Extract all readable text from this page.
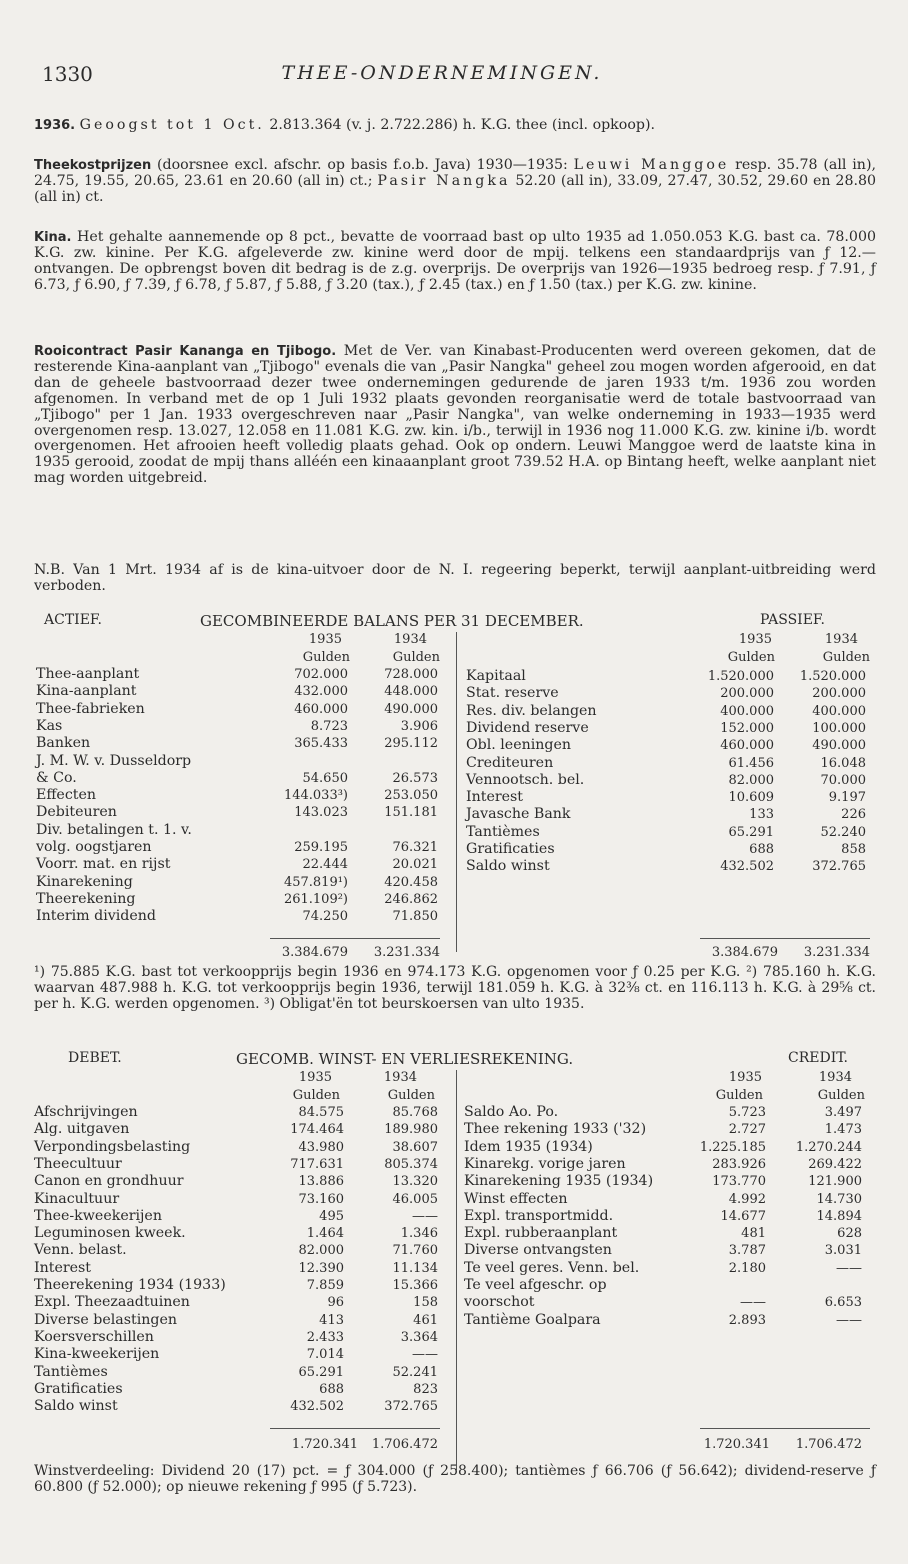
1330	THEE-ONDERNEMINGEN.
1936. Geoogst tot 1 Oct. 2.813.364 (v. j. 2.722.286) h. K.G. thee (incl. opkoop).
Theekostprijzen (doorsnee excl. afschr. op basis f.o.b. Java) 1930—1935: Leuwi Manggoe resp. 35.78 (all in), 24.75, 19.55, 20.65, 23.61 en 20.60 (all in) ct.; Pasir Nangka 52.20 (all in), 33.09, 27.47, 30.52, 29.60 en 28.80 (all in) ct.
Kina. Het gehalte aannemende op 8 pct., bevatte de voorraad bast op ulto 1935 ad 1.050.053 K.G. bast ca. 78.000 K.G. zw. kinine. Per K.G. afgeleverde zw. kinine werd door de mpij. telkens een standaardprijs van ƒ 12.— ontvangen. De opbrengst boven dit bedrag is de z.g. overprijs. De overprijs van 1926—1935 bedroeg resp. ƒ 7.91, ƒ 6.73, ƒ 6.90, ƒ 7.39, ƒ 6.78, ƒ 5.87, ƒ 5.88, ƒ 3.20 (tax.), ƒ 2.45 (tax.) en ƒ 1.50 (tax.) per K.G. zw. kinine.
Rooicontract Pasir Kananga en Tjibogo. Met de Ver. van Kinabast-Producenten werd overeen gekomen, dat de resterende Kina-aanplant van „Tjibogo" evenals die van „Pasir Nangka" geheel zou mogen worden afgerooid, en dat dan de geheele bastvoorraad dezer twee ondernemingen gedurende de jaren 1933 t/m. 1936 zou worden afgenomen. In verband met de op 1 Juli 1932 plaats gevonden reorganisatie werd de totale bastvoorraad van „Tjibogo" per 1 Jan. 1933 overgeschreven naar „Pasir Nangka", van welke onderneming in 1933—1935 werd overgenomen resp. 13.027, 12.058 en 11.081 K.G. zw. kin. i/b., terwijl in 1936 nog 11.000 K.G. zw. kinine i/b. wordt overgenomen. Het afrooien heeft volledig plaats gehad. Ook op ondern. Leuwi Manggoe werd de laatste kina in 1935 gerooid, zoodat de mpij thans alléén een kinaaanplant groot 739.52 H.A. op Bintang heeft, welke aanplant niet mag worden uitgebreid.
N.B. Van 1 Mrt. 1934 af is de kina-uitvoer door de N. I. regeering beperkt, terwijl aanplant-uitbreiding werd verboden.
ACTIEF.	GECOMBINEERDE BALANS PER 31 DECEMBER.	PASSIEF.
1935	1934
Gulden	Gulden
1935	1934
Gulden	Gulden
Thee-aanplant	702.000	728.000
Kina-aanplant	432.000	448.000
Thee-fabrieken	460.000	490.000
Kas	8.723	3.906
Banken	365.433	295.112
J. M. W. v. Dusseldorp
& Co.	54.650	26.573
Effecten	144.033³)	253.050
Debiteuren	143.023	151.181
Div. betalingen t. 1. v.
volg. oogstjaren	259.195	76.321
Voorr. mat. en rijst	22.444	20.021
Kinarekening	457.819¹)	420.458
Theerekening	261.109²)	246.862
Interim dividend	74.250	71.850
Kapitaal	1.520.000	1.520.000
Stat. reserve	200.000	200.000
Res. div. belangen	400.000	400.000
Dividend reserve	152.000	100.000
Obl. leeningen	460.000	490.000
Crediteuren	61.456	16.048
Vennootsch. bel.	82.000	70.000
Interest	10.609	9.197
Javasche Bank	133	226
Tantièmes	65.291	52.240
Gratificaties	688	858
Saldo winst	432.502	372.765
3.384.679	3.231.334	3.384.679	3.231.334
¹) 75.885 K.G. bast tot verkoopprijs begin 1936 en 974.173 K.G. opgenomen voor ƒ 0.25 per K.G. ²) 785.160 h. K.G. waarvan 487.988 h. K.G. tot verkoopprijs begin 1936, terwijl 181.059 h. K.G. à 32⅜ ct. en 116.113 h. K.G. à 29⅝ ct. per h. K.G. werden opgenomen. ³) Obligat'ën tot beurskoersen van ulto 1935.
DEBET.	GECOMB. WINST- EN VERLIESREKENING.	CREDIT.
1935	1934
Gulden	Gulden
1935	1934
Gulden	Gulden
Afschrijvingen	84.575	85.768
Alg. uitgaven	174.464	189.980
Verpondingsbelasting	43.980	38.607
Theecultuur	717.631	805.374
Canon en grondhuur	13.886	13.320
Kinacultuur	73.160	46.005
Thee-kweekerijen	495	——
Leguminosen kweek.	1.464	1.346
Venn. belast.	82.000	71.760
Interest	12.390	11.134
Theerekening 1934 (1933)	7.859	15.366
Expl. Theezaadtuinen	96	158
Diverse belastingen	413	461
Koersverschillen	2.433	3.364
Kina-kweekerijen	7.014	——
Tantièmes	65.291	52.241
Gratificaties	688	823
Saldo winst	432.502	372.765
Saldo Ao. Po.	5.723	3.497
Thee rekening 1933 ('32)	2.727	1.473
Idem 1935 (1934)	1.225.185	1.270.244
Kinarekg. vorige jaren	283.926	269.422
Kinarekening 1935 (1934)	173.770	121.900
Winst effecten	4.992	14.730
Expl. transportmidd.	14.677	14.894
Expl. rubberaanplant	481	628
Diverse ontvangsten	3.787	3.031
Te veel geres. Venn. bel.	2.180	——
Te veel afgeschr. op
voorschot	——	6.653
Tantième Goalpara	2.893	——
1.720.341	1.706.472	1.720.341	1.706.472
Winstverdeeling: Dividend 20 (17) pct. = ƒ 304.000 (ƒ 258.400); tantièmes ƒ 66.706 (ƒ 56.642); dividend-reserve ƒ 60.800 (ƒ 52.000); op nieuwe rekening ƒ 995 (ƒ 5.723).
